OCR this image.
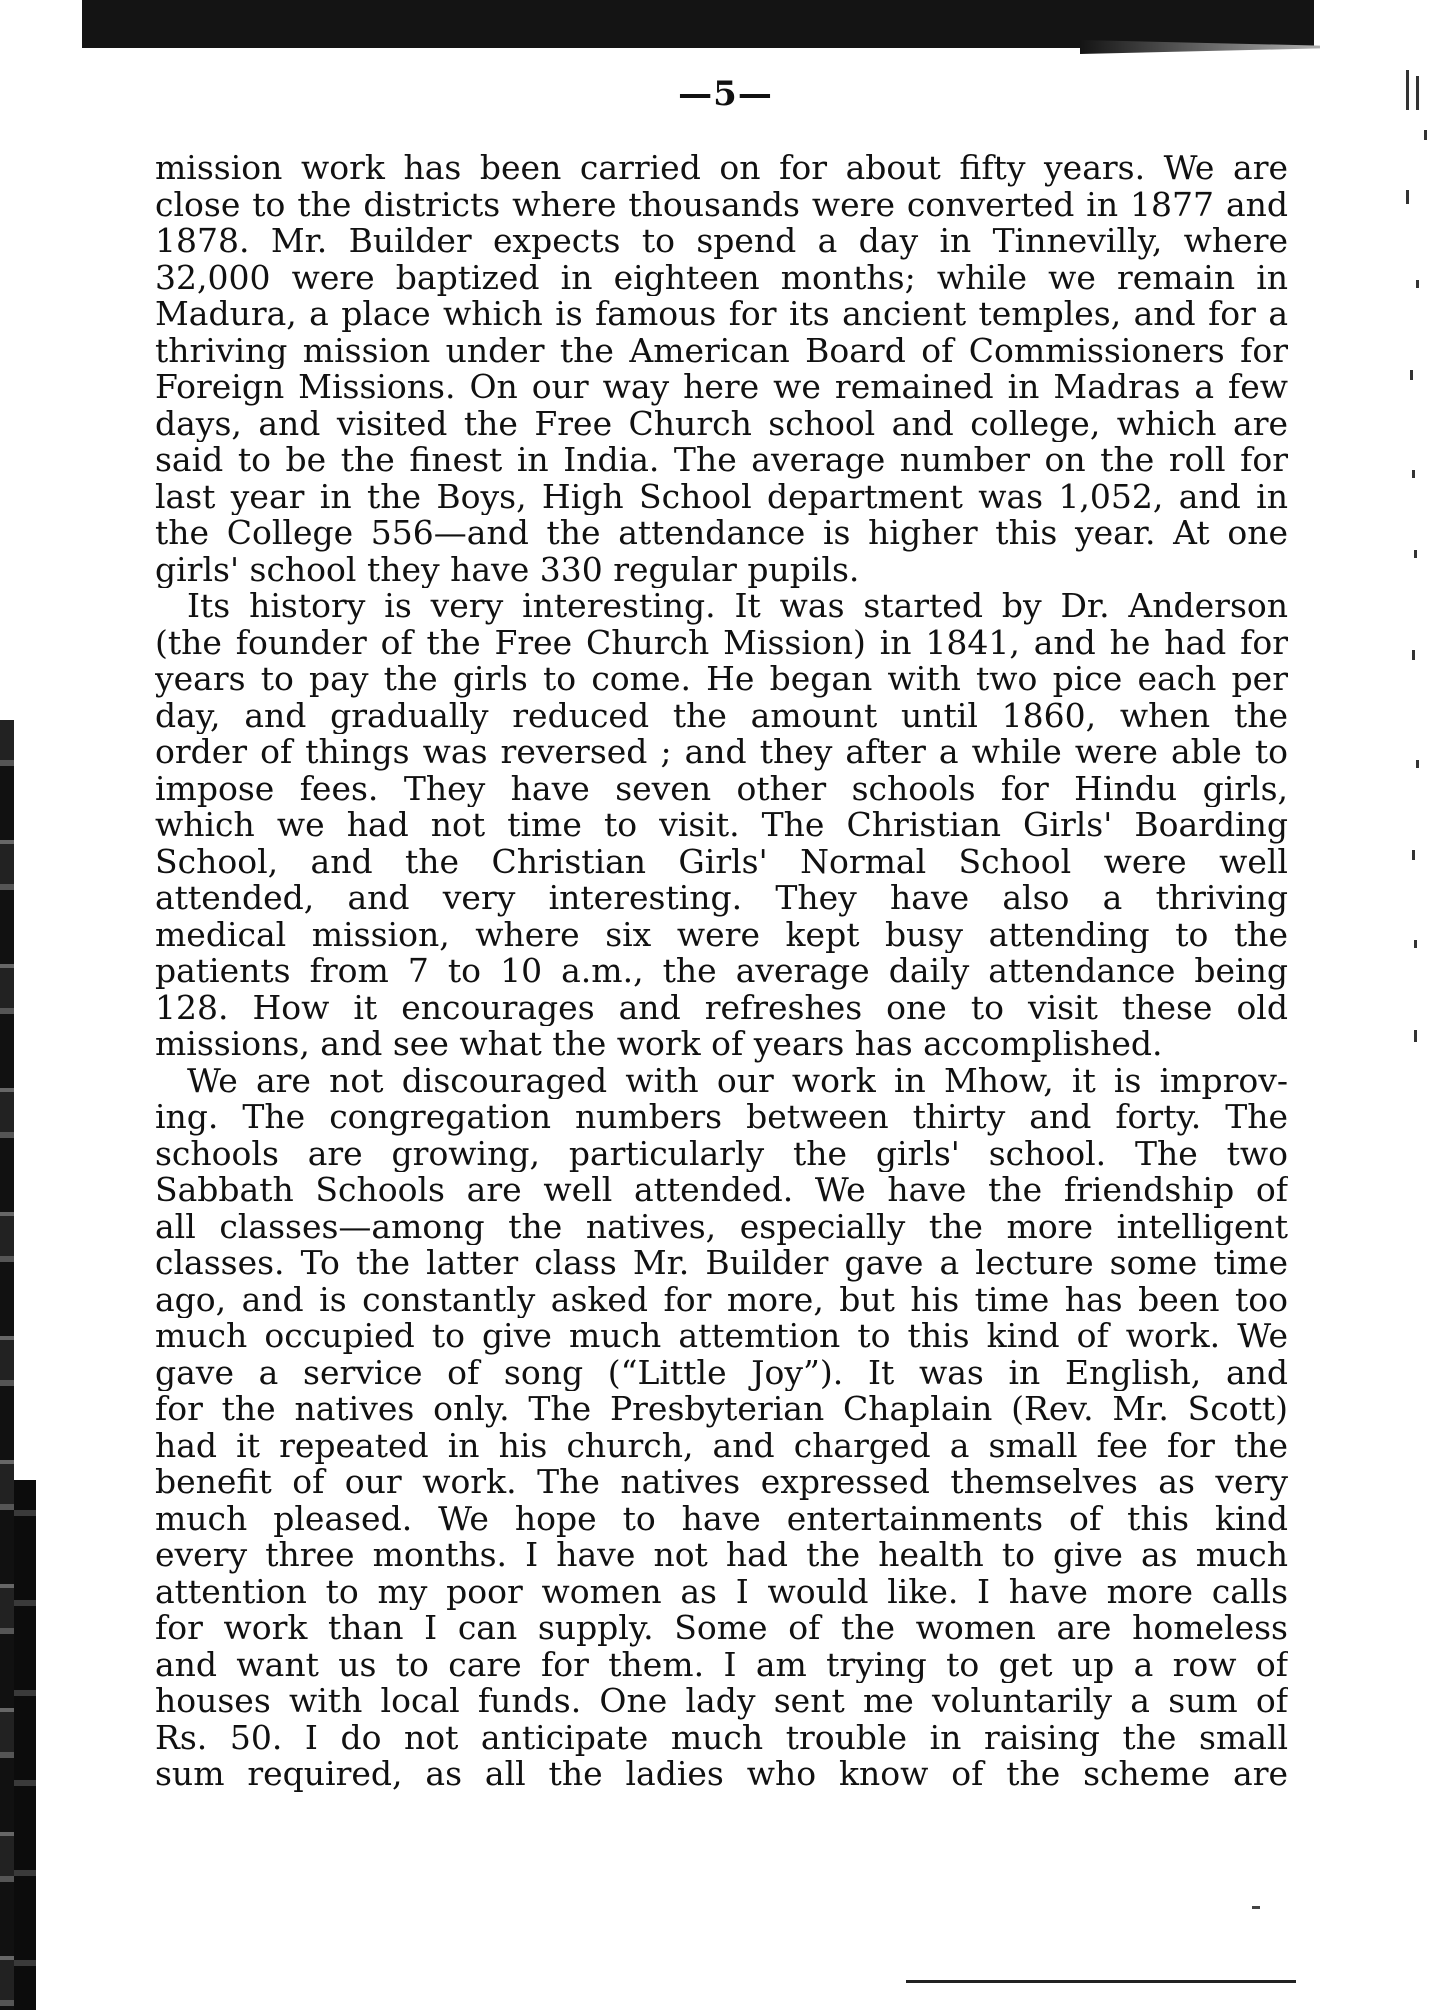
—5—
mission work has been carried on for about fifty years. We are
close to the districts where thousands were converted in 1877 and
1878. Mr. Builder expects to spend a day in Tinnevilly, where
32,000 were baptized in eighteen months; while we remain in
Madura, a place which is famous for its ancient temples, and for a
thriving mission under the American Board of Commissioners for
Foreign Missions. On our way here we remained in Madras a few
days, and visited the Free Church school and college, which are
said to be the finest in India. The average number on the roll for
last year in the Boys, High School department was 1,052, and in
the College 556—and the attendance is higher this year. At one
girls' school they have 330 regular pupils.
Its history is very interesting. It was started by Dr. Anderson
(the founder of the Free Church Mission) in 1841, and he had for
years to pay the girls to come. He began with two pice each per
day, and gradually reduced the amount until 1860, when the
order of things was reversed ; and they after a while were able to
impose fees. They have seven other schools for Hindu girls,
which we had not time to visit. The Christian Girls' Boarding
School, and the Christian Girls' Normal School were well
attended, and very interesting. They have also a thriving
medical mission, where six were kept busy attending to the
patients from 7 to 10 a.m., the average daily attendance being
128. How it encourages and refreshes one to visit these old
missions, and see what the work of years has accomplished.
We are not discouraged with our work in Mhow, it is improv-
ing. The congregation numbers between thirty and forty. The
schools are growing, particularly the girls' school. The two
Sabbath Schools are well attended. We have the friendship of
all classes—among the natives, especially the more intelligent
classes. To the latter class Mr. Builder gave a lecture some time
ago, and is constantly asked for more, but his time has been too
much occupied to give much attemtion to this kind of work. We
gave a service of song (“Little Joy”). It was in English, and
for the natives only. The Presbyterian Chaplain (Rev. Mr. Scott)
had it repeated in his church, and charged a small fee for the
benefit of our work. The natives expressed themselves as very
much pleased. We hope to have entertainments of this kind
every three months. I have not had the health to give as much
attention to my poor women as I would like. I have more calls
for work than I can supply. Some of the women are homeless
and want us to care for them. I am trying to get up a row of
houses with local funds. One lady sent me voluntarily a sum of
Rs. 50. I do not anticipate much trouble in raising the small
sum required, as all the ladies who know of the scheme are
